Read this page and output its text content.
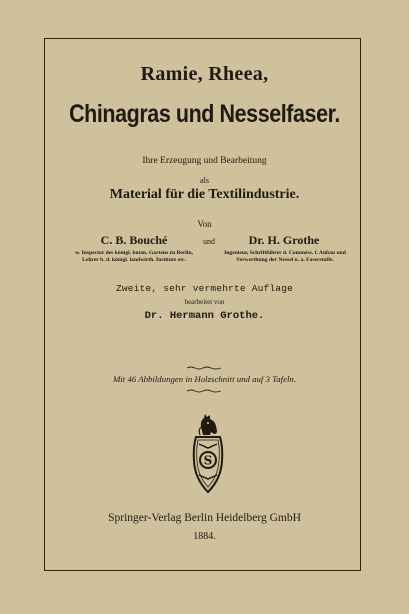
Ramie, Rheea,
Chinagras und Nesselfaser.
Ihre Erzeugung und Bearbeitung
als
Material für die Textilindustrie.
Von
C. B. Bouché
w. Inspector des königl. botan. Gartens zu Berlin,
Lehrer b. d. königl. landwirth. Institute etc.
und	Dr. H. Grothe
Ingenieur, Schriftführer d. Comméss. f. Anbau und
Verwerthung der Nessel u. a. Faserstoffe.
Zweite, sehr vermehrte Auflage
bearbeitet von
Dr. Hermann Grothe.
Mit 46 Abbildungen in Holzschnitt und auf 3 Tafeln.
S
Springer-Verlag Berlin Heidelberg GmbH
1884.
